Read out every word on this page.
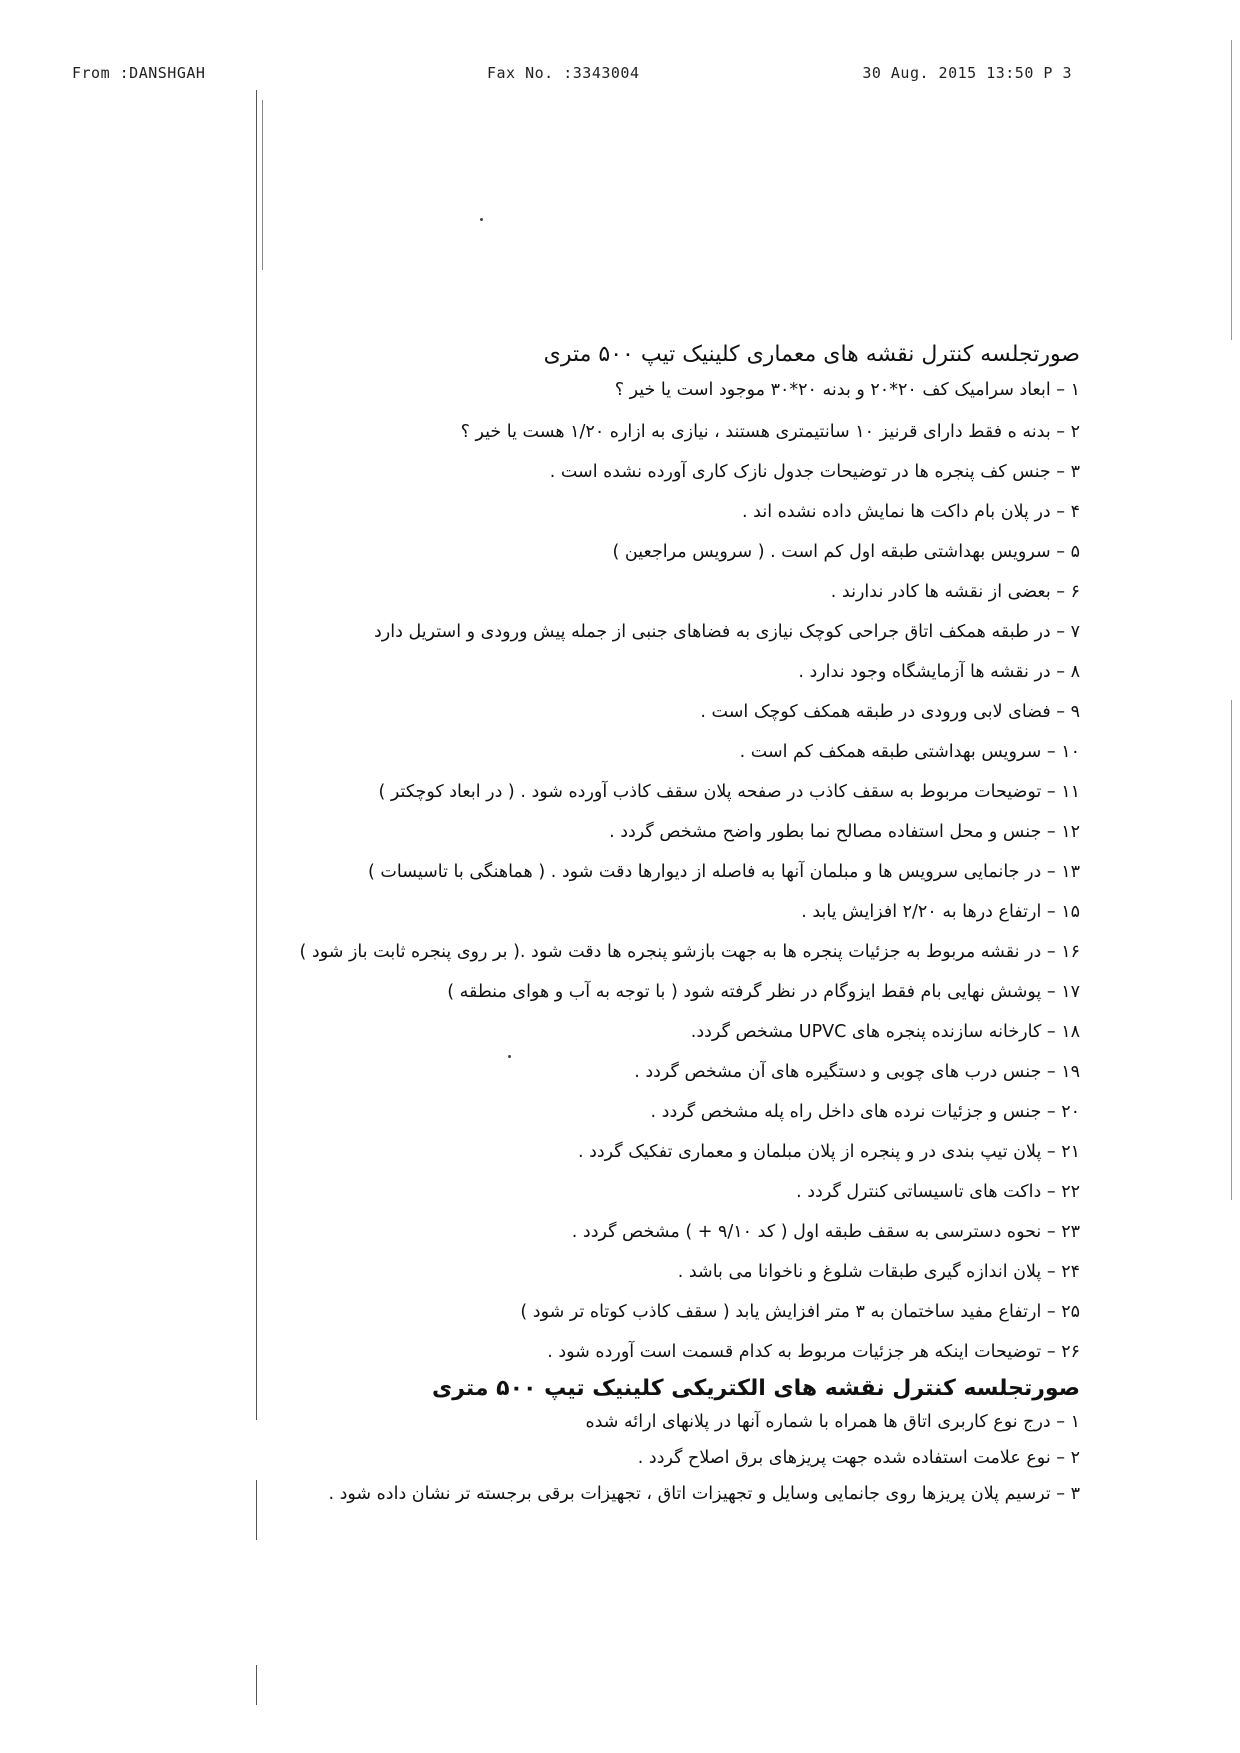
From :DANSHGAH	Fax No. :3343004	30 Aug. 2015 13:50 P 3
صورتجلسه کنترل نقشه های معماری کلینیک تیپ ۵۰۰ متری
۱ – ابعاد سرامیک کف ۲۰*۲۰ و بدنه ۲۰*۳۰ موجود است یا خیر ؟
۲ – بدنه ه فقط دارای قرنیز ۱۰ سانتیمتری هستند ، نیازی به ازاره ۱/۲۰ هست یا خیر ؟
۳ – جنس کف پنجره ها در توضیحات جدول نازک کاری آورده نشده است .
۴ – در پلان بام داکت ها نمایش داده نشده اند .
۵ – سرویس بهداشتی طبقه اول کم است . ( سرویس مراجعین )
۶ – بعضی از نقشه ها کادر ندارند .
۷ – در طبقه همکف اتاق جراحی کوچک نیازی به فضاهای جنبی از جمله پیش ورودی و استریل دارد
۸ – در نقشه ها آزمایشگاه وجود ندارد .
۹ – فضای لابی ورودی در طبقه همکف کوچک است .
۱۰ – سرویس بهداشتی طبقه همکف کم است .
۱۱ – توضیحات مربوط به سقف کاذب در صفحه پلان سقف کاذب آورده شود . ( در ابعاد کوچکتر )
۱۲ – جنس و محل استفاده مصالح نما بطور واضح مشخص گردد .
۱۳ – در جانمایی سرویس ها و مبلمان آنها به فاصله از دیوارها دقت شود . ( هماهنگی با تاسیسات )
۱۵ – ارتفاع درها به ۲/۲۰ افزایش یابد .
۱۶ – در نقشه مربوط به جزئیات پنجره ها به جهت بازشو پنجره ها دقت شود .( بر روی پنجره ثابت باز شود )
۱۷ – پوشش نهایی بام فقط ایزوگام در نظر گرفته شود ( با توجه به آب و هوای منطقه )
۱۸ – کارخانه سازنده پنجره های UPVC مشخص گردد.
۱۹ – جنس درب های چوبی و دستگیره های آن مشخص گردد .
۲۰ – جنس و جزئیات نرده های داخل راه پله مشخص گردد .
۲۱ – پلان تیپ بندی در و پنجره از پلان مبلمان و معماری تفکیک گردد .
۲۲ – داکت های تاسیساتی کنترل گردد .
۲۳ – نحوه دسترسی به سقف طبقه اول ( کد ۹/۱۰ + ) مشخص گردد .
۲۴ – پلان اندازه گیری طبقات شلوغ و ناخوانا می باشد .
۲۵ – ارتفاع مفید ساختمان به ۳ متر افزایش یابد ( سقف کاذب کوتاه تر شود )
۲۶ – توضیحات اینکه هر جزئیات مربوط به کدام قسمت است آورده شود .
صورتجلسه کنترل نقشه های الکتریکی کلینیک تیپ ۵۰۰ متری
۱ – درج نوع کاربری اتاق ها همراه با شماره آنها در پلانهای ارائه شده
۲ – نوع علامت استفاده شده جهت پریزهای برق اصلاح گردد .
۳ – ترسیم پلان پریزها روی جانمایی وسایل و تجهیزات اتاق ، تجهیزات برقی برجسته تر نشان داده شود .
